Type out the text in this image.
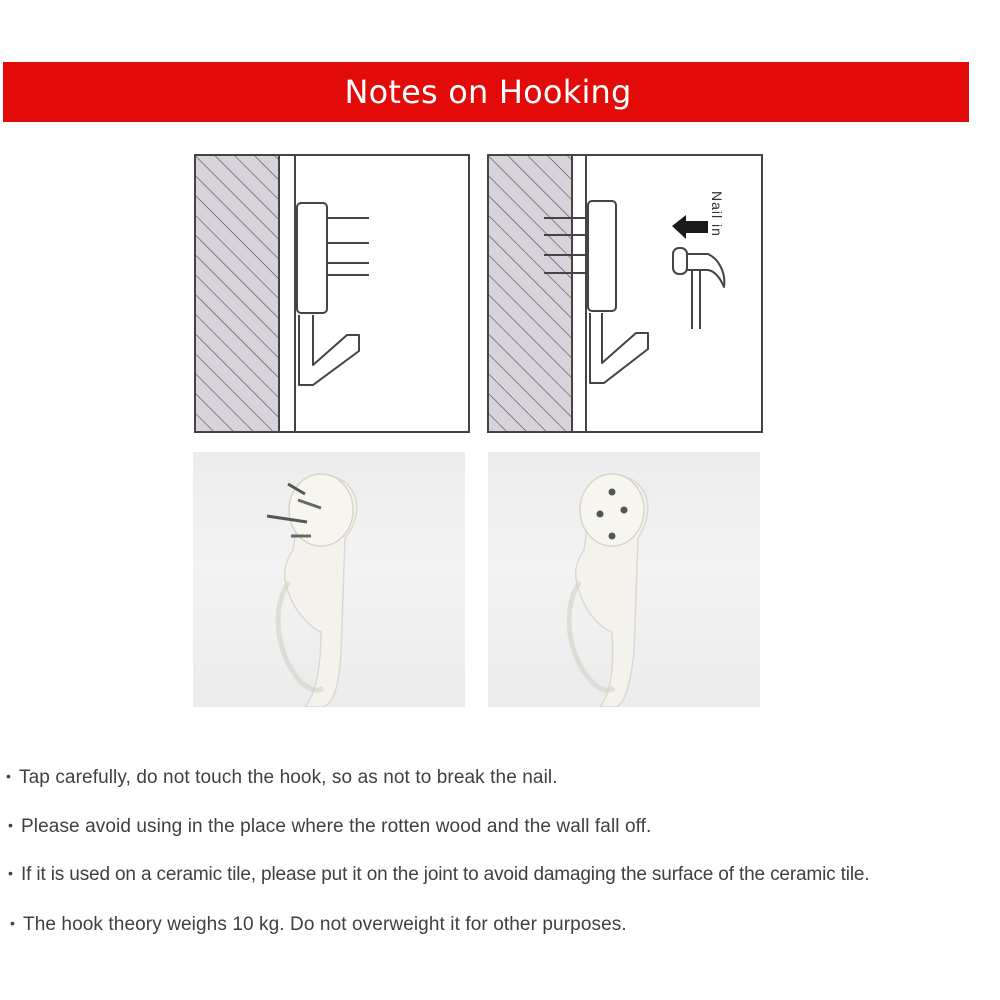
Notes on Hooking
Nail in
• Tap carefully, do not touch the hook, so as not to break the nail.
• Please avoid using in the place where the rotten wood and the wall fall off.
• If it is used on a ceramic tile, please put it on the joint to avoid damaging the surface of the ceramic tile.
• The hook theory weighs 10 kg. Do not overweight it for other purposes.
